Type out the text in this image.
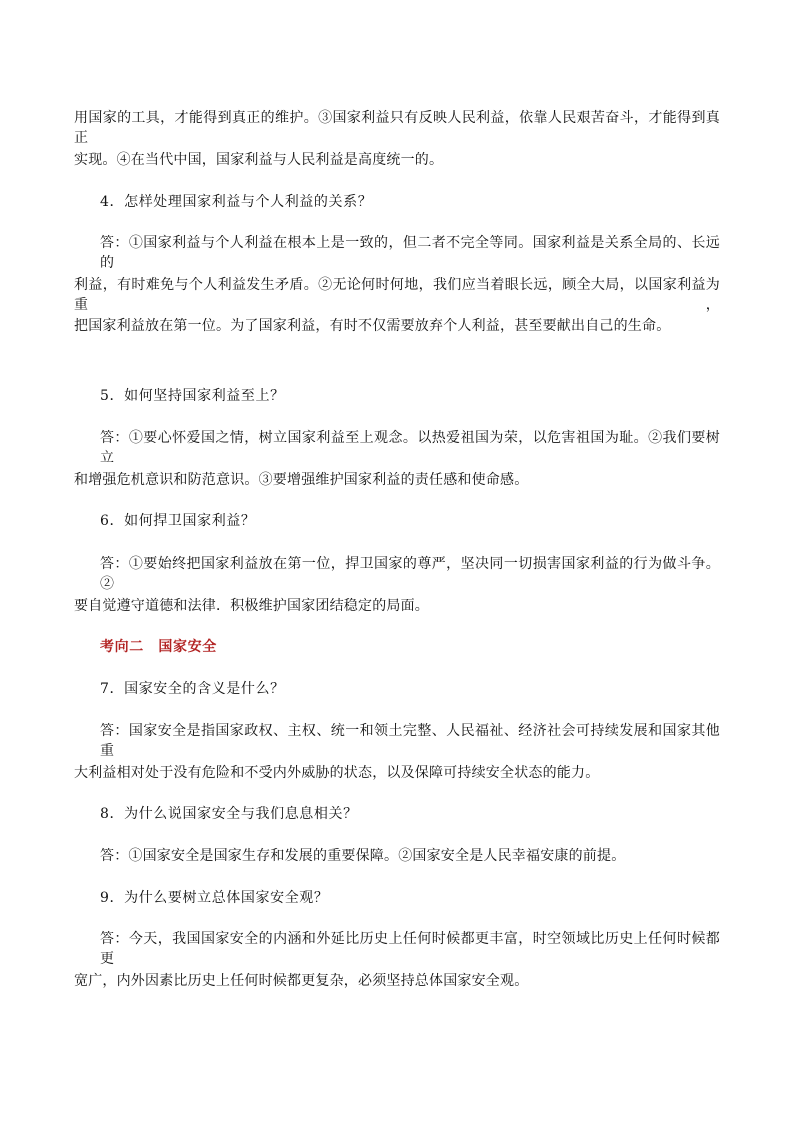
用国家的工具，才能得到真正的维护。③国家利益只有反映人民利益，依靠人民艰苦奋斗，才能得到真正
实现。④在当代中国，国家利益与人民利益是高度统一的。
4．怎样处理国家利益与个人利益的关系？
答：①国家利益与个人利益在根本上是一致的，但二者不完全等同。国家利益是关系全局的、长远的
利益，有时难免与个人利益发生矛盾。②无论何时何地，我们应当着眼长远，顾全大局，以国家利益为重，
把国家利益放在第一位。为了国家利益，有时不仅需要放弃个人利益，甚至要献出自己的生命。
5．如何坚持国家利益至上？
答：①要心怀爱国之情，树立国家利益至上观念。以热爱祖国为荣，以危害祖国为耻。②我们要树立
和增强危机意识和防范意识。③要增强维护国家利益的责任感和使命感。
6．如何捍卫国家利益？
答：①要始终把国家利益放在第一位，捍卫国家的尊严，坚决同一切损害国家利益的行为做斗争。②
要自觉遵守道德和法律．积极维护国家团结稳定的局面。
考向二　国家安全
7．国家安全的含义是什么？
答：国家安全是指国家政权、主权、统一和领土完整、人民福祉、经济社会可持续发展和国家其他重
大利益相对处于没有危险和不受内外威胁的状态，以及保障可持续安全状态的能力。
8．为什么说国家安全与我们息息相关？
答：①国家安全是国家生存和发展的重要保障。②国家安全是人民幸福安康的前提。
9．为什么要树立总体国家安全观？
答：今天，我国国家安全的内涵和外延比历史上任何时候都更丰富，时空领域比历史上任何时候都更
宽广，内外因素比历史上任何时候都更复杂，必须坚持总体国家安全观。
